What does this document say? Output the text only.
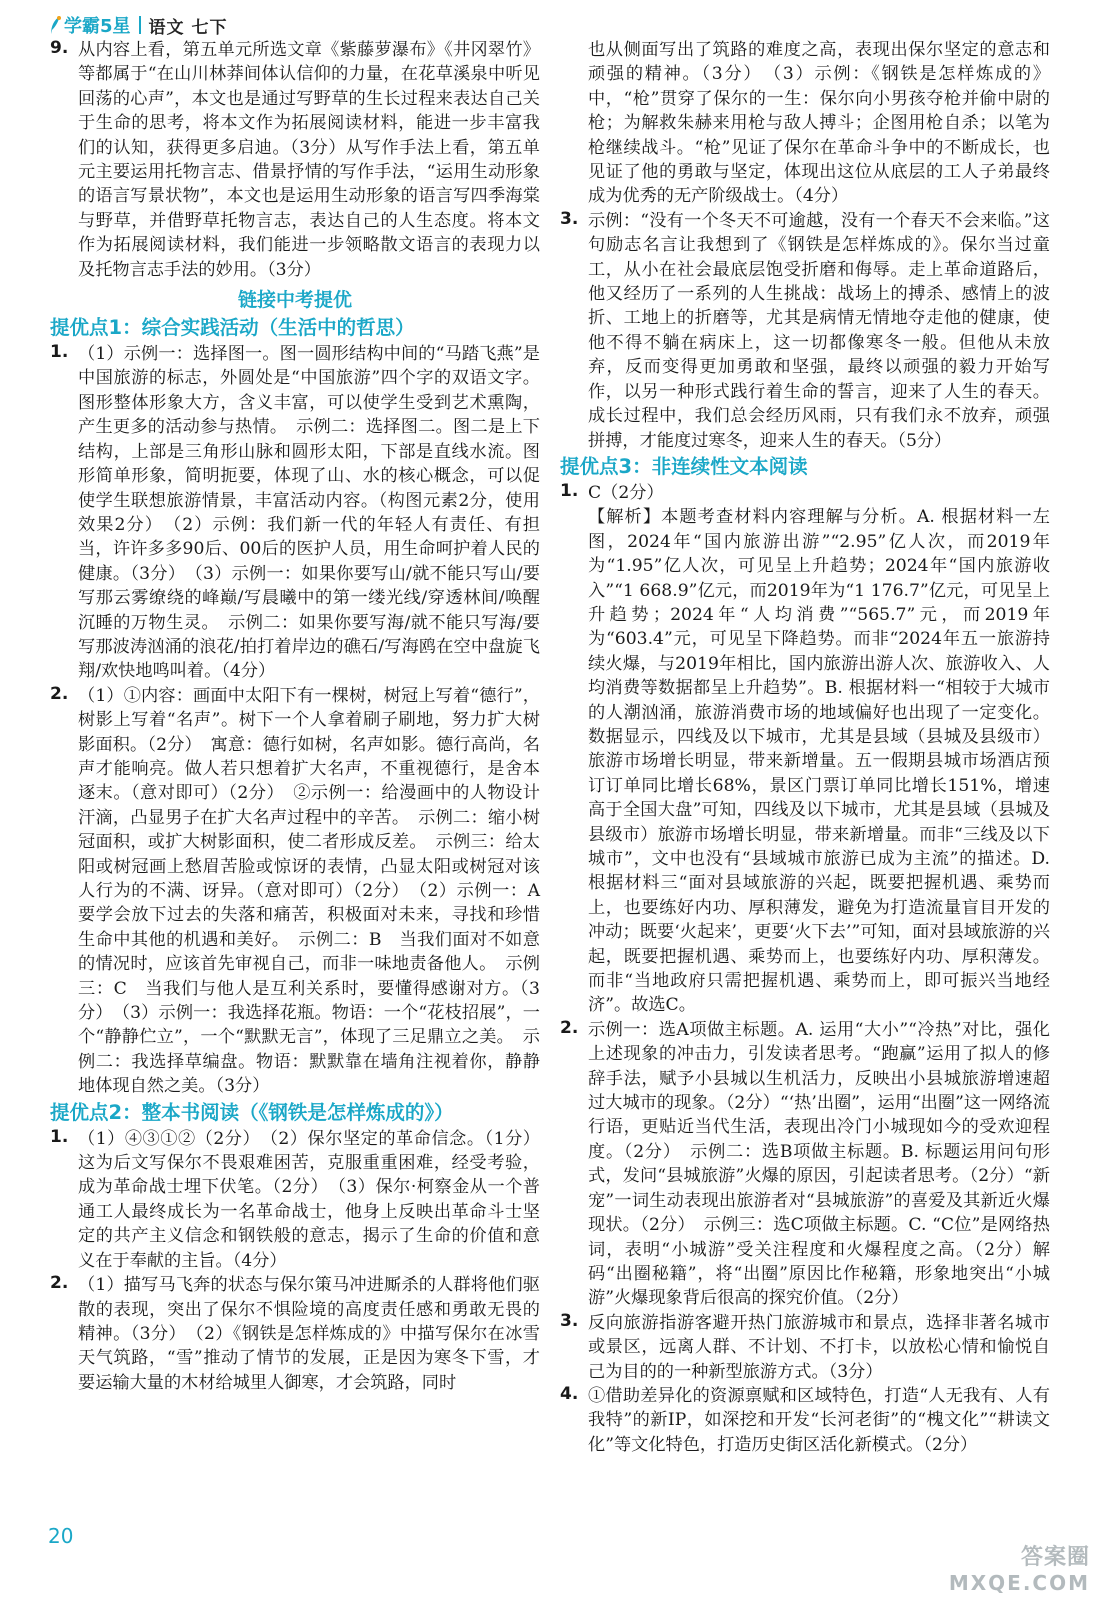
学霸5星 语文 七下
9. 从内容上看，第五单元所选文章《紫藤萝瀑布》《井冈翠竹》等都属于“在山川林莽间体认信仰的力量，在花草溪泉中听见回荡的心声”，本文也是通过写野草的生长过程来表达自己关于生命的思考，将本文作为拓展阅读材料，能进一步丰富我们的认知，获得更多启迪。（3分）从写作手法上看，第五单元主要运用托物言志、借景抒情的写作手法，“运用生动形象的语言写景状物”，本文也是运用生动形象的语言写四季海棠与野草，并借野草托物言志，表达自己的人生态度。将本文作为拓展阅读材料，我们能进一步领略散文语言的表现力以及托物言志手法的妙用。（3分）

链接中考提优
提优点1：综合实践活动（生活中的哲思）
1. （1）示例一：选择图一。图一圆形结构中间的“马踏飞燕”是中国旅游的标志，外圆处是“中国旅游”四个字的双语文字。图形整体形象大方，含义丰富，可以使学生受到艺术熏陶，产生更多的活动参与热情。　示例二：选择图二。图二是上下结构，上部是三角形山脉和圆形太阳，下部是直线水流。图形简单形象，简明扼要，体现了山、水的核心概念，可以促使学生联想旅游情景，丰富活动内容。（构图元素2分，使用效果2分）　（2）示例：我们新一代的年轻人有责任、有担当，许许多多90后、00后的医护人员，用生命呵护着人民的健康。（3分）　（3）示例一：如果你要写山/就不能只写山/要写那云雾缭绕的峰巅/写晨曦中的第一缕光线/穿透林间/唤醒沉睡的万物生灵。　示例二：如果你要写海/就不能只写海/要写那波涛汹涌的浪花/拍打着岸边的礁石/写海鸥在空中盘旋飞翔/欢快地鸣叫着。（4分）

2. （1）①内容：画面中太阳下有一棵树，树冠上写着“德行”，树影上写着“名声”。树下一个人拿着刷子刷地，努力扩大树影面积。（2分）　寓意：德行如树，名声如影。德行高尚，名声才能响亮。做人若只想着扩大名声，不重视德行，是舍本逐末。（意对即可）（2分）　②示例一：给漫画中的人物设计汗滴，凸显男子在扩大名声过程中的辛苦。　示例二：缩小树冠面积，或扩大树影面积，使二者形成反差。　示例三：给太阳或树冠画上愁眉苦脸或惊讶的表情，凸显太阳或树冠对该人行为的不满、讶异。（意对即可）（2分）　（2）示例一：A　要学会放下过去的失落和痛苦，积极面对未来，寻找和珍惜生命中其他的机遇和美好。　示例二：B　当我们面对不如意的情况时，应该首先审视自己，而非一味地责备他人。　示例三：C　当我们与他人是互利关系时，要懂得感谢对方。（3分）　（3）示例一：我选择花瓶。物语：一个“花枝招展”，一个“静静伫立”，一个“默默无言”，体现了三足鼎立之美。　示例二：我选择草编盘。物语：默默靠在墙角注视着你，静静地体现自然之美。（3分）

提优点2：整本书阅读（《钢铁是怎样炼成的》）
1. （1）④③①②（2分）　（2）保尔坚定的革命信念。（1分）这为后文写保尔不畏艰难困苦，克服重重困难，经受考验，成为革命战士埋下伏笔。（2分）　（3）保尔·柯察金从一个普通工人最终成长为一名革命战士，他身上反映出革命斗士坚定的共产主义信念和钢铁般的意志，揭示了生命的价值和意义在于奉献的主旨。（4分）

2. （1）描写马飞奔的状态与保尔策马冲进厮杀的人群将他们驱散的表现，突出了保尔不惧险境的高度责任感和勇敢无畏的精神。（3分）　（2）《钢铁是怎样炼成的》中描写保尔在冰雪天气筑路，“雪”推动了情节的发展，正是因为寒冬下雪，才要运输大量的木材给城里人御寒，才会筑路，同时

也从侧面写出了筑路的难度之高，表现出保尔坚定的意志和顽强的精神。（3分）　（3）示例：《钢铁是怎样炼成的》中，“枪”贯穿了保尔的一生：保尔向小男孩夺枪并偷中尉的枪；为解救朱赫来用枪与敌人搏斗；企图用枪自杀；以笔为枪继续战斗。“枪”见证了保尔在革命斗争中的不断成长，也见证了他的勇敢与坚定，体现出这位从底层的工人子弟最终成为优秀的无产阶级战士。（4分）

3. 示例：“没有一个冬天不可逾越，没有一个春天不会来临。”这句励志名言让我想到了《钢铁是怎样炼成的》。保尔当过童工，从小在社会最底层饱受折磨和侮辱。走上革命道路后，他又经历了一系列的人生挑战：战场上的搏杀、感情上的波折、工地上的折磨等，尤其是病情无情地夺走他的健康，使他不得不躺在病床上，这一切都像寒冬一般。但他从未放弃，反而变得更加勇敢和坚强，最终以顽强的毅力开始写作，以另一种形式践行着生命的誓言，迎来了人生的春天。成长过程中，我们总会经历风雨，只有我们永不放弃，顽强拼搏，才能度过寒冬，迎来人生的春天。（5分）

提优点3：非连续性文本阅读
1. C（2分）

【解析】本题考查材料内容理解与分析。A. 根据材料一左图，2024年“国内旅游出游”“2.95”亿人次，而2019年为“1.95”亿人次，可见呈上升趋势；2024年“国内旅游收入”“1 668.9”亿元，而2019年为“1 176.7”亿元，可见呈上升趋势；2024年“人均消费”“565.7”元，而2019年为“603.4”元，可见呈下降趋势。而非“2024年五一旅游持续火爆，与2019年相比，国内旅游出游人次、旅游收入、人均消费等数据都呈上升趋势”。B. 根据材料一“相较于大城市的人潮汹涌，旅游消费市场的地域偏好也出现了一定变化。数据显示，四线及以下城市，尤其是县域（县城及县级市）旅游市场增长明显，带来新增量。五一假期县城市场酒店预订订单同比增长68%，景区门票订单同比增长151%，增速高于全国大盘”可知，四线及以下城市，尤其是县域（县城及县级市）旅游市场增长明显，带来新增量。而非“三线及以下城市”，文中也没有“县域城市旅游已成为主流”的描述。D. 根据材料三“面对县域旅游的兴起，既要把握机遇、乘势而上，也要练好内功、厚积薄发，避免为打造流量盲目开发的冲动；既要‘火起来’，更要‘火下去’”可知，面对县域旅游的兴起，既要把握机遇、乘势而上，也要练好内功、厚积薄发。而非“当地政府只需把握机遇、乘势而上，即可振兴当地经济”。故选C。

2. 示例一：选A项做主标题。A. 运用“大小”“冷热”对比，强化上述现象的冲击力，引发读者思考。“跑赢”运用了拟人的修辞手法，赋予小县城以生机活力，反映出小县城旅游增速超过大城市的现象。（2分）“‘热’出圈”，运用“出圈”这一网络流行语，更贴近当代生活，表现出冷门小城现如今的受欢迎程度。（2分）　示例二：选B项做主标题。B. 标题运用问句形式，发问“县城旅游”火爆的原因，引起读者思考。（2分）“新宠”一词生动表现出旅游者对“县城旅游”的喜爱及其新近火爆现状。（2分）　示例三：选C项做主标题。C. “C位”是网络热词，表明“小城游”受关注程度和火爆程度之高。（2分）解码“出圈秘籍”，将“出圈”原因比作秘籍，形象地突出“小城游”火爆现象背后很高的探究价值。（2分）

3. 反向旅游指游客避开热门旅游城市和景点，选择非著名城市或景区，远离人群、不计划、不打卡，以放松心情和愉悦自己为目的的一种新型旅游方式。（3分）

4. ①借助差异化的资源禀赋和区域特色，打造“人无我有、人有我特”的新IP，如深挖和开发“长河老街”的“槐文化”“耕读文化”等文化特色，打造历史街区活化新模式。（2分）

20
答案圈
MXQE.COM
